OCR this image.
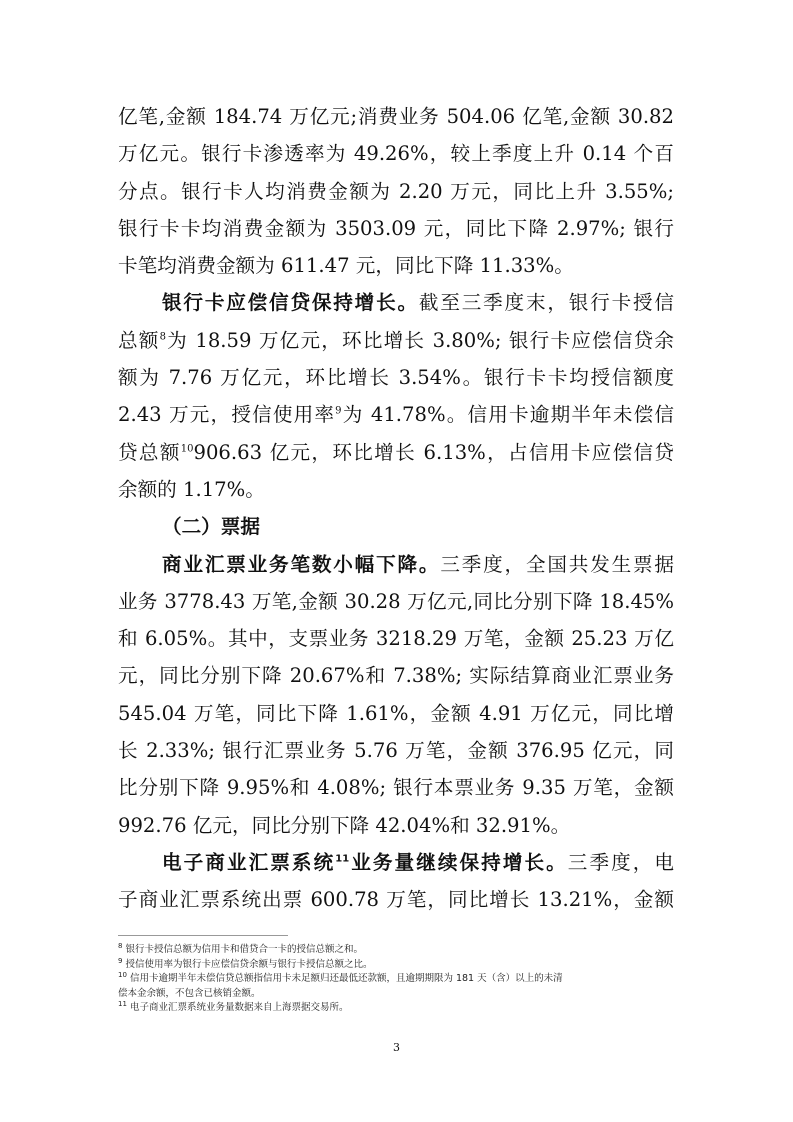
亿笔,金额 184.74 万亿元;消费业务 504.06 亿笔,金额 30.82
万亿元。银行卡渗透率为 49.26%，较上季度上升 0.14 个百
分点。银行卡人均消费金额为 2.20 万元，同比上升 3.55%;
银行卡卡均消费金额为 3503.09 元，同比下降 2.97%; 银行
卡笔均消费金额为 611.47 元，同比下降 11.33%。
银行卡应偿信贷保持增长。截至三季度末，银行卡授信
总额$^8$为 18.59 万亿元，环比增长 3.80%; 银行卡应偿信贷余
额为 7.76 万亿元，环比增长 3.54%。银行卡卡均授信额度
2.43 万元，授信使用率$^9$为 41.78%。信用卡逾期半年未偿信
贷总额$^{10}$906.63 亿元，环比增长 6.13%，占信用卡应偿信贷
余额的 1.17%。
（二）票据
商业汇票业务笔数小幅下降。三季度，全国共发生票据
业务 3778.43 万笔,金额 30.28 万亿元,同比分别下降 18.45%
和 6.05%。其中，支票业务 3218.29 万笔，金额 25.23 万亿
元，同比分别下降 20.67%和 7.38%; 实际结算商业汇票业务
545.04 万笔，同比下降 1.61%，金额 4.91 万亿元，同比增
长 2.33%; 银行汇票业务 5.76 万笔，金额 376.95 亿元，同
比分别下降 9.95%和 4.08%; 银行本票业务 9.35 万笔，金额
992.76 亿元，同比分别下降 42.04%和 32.91%。
电子商业汇票系统$^{11}$业务量继续保持增长。三季度，电
子商业汇票系统出票 600.78 万笔，同比增长 13.21%，金额
$^8$ 银行卡授信总额为信用卡和借贷合一卡的授信总额之和。
$^9$ 授信使用率为银行卡应偿信贷余额与银行卡授信总额之比。
$^{10}$ 信用卡逾期半年未偿信贷总额指信用卡未足额归还最低还款额，且逾期期限为 181 天（含）以上的未清
偿本金余额，不包含已核销金额。
$^{11}$ 电子商业汇票系统业务量数据来自上海票据交易所。
3
